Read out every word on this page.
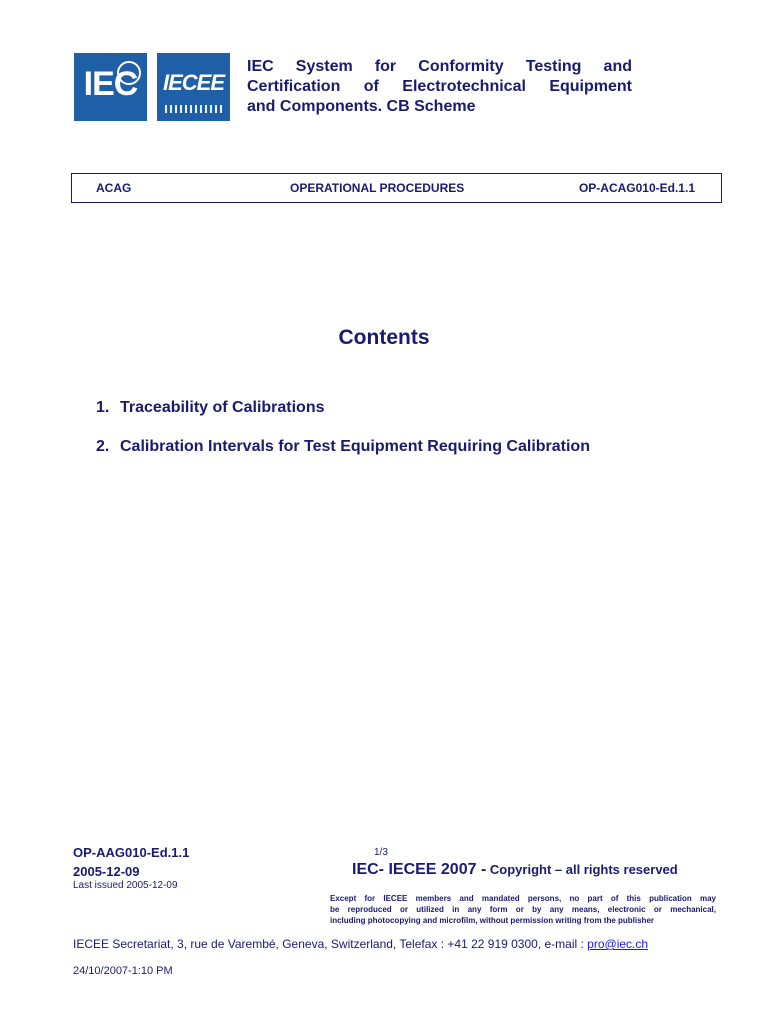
IEC	IECEE
IEC System for Conformity Testing and
Certification of Electrotechnical Equipment
and Components. CB Scheme
ACAG	OPERATIONAL PROCEDURES	OP-ACAG010-Ed.1.1
Contents
1. Traceability of Calibrations
2. Calibration Intervals for Test Equipment Requiring Calibration
OP-AAG010-Ed.1.1	1/3
2005-12-09
Last issued 2005-12-09
IEC- IECEE 2007 - Copyright – all rights reserved
Except for IECEE members and mandated persons, no part of this publication may
be reproduced or utilized in any form or by any means, electronic or mechanical,
including photocopying and microfilm, without permission writing from the publisher
IECEE Secretariat, 3, rue de Varembé, Geneva, Switzerland, Telefax : +41 22 919 0300, e-mail : pro@iec.ch
24/10/2007-1:10 PM
